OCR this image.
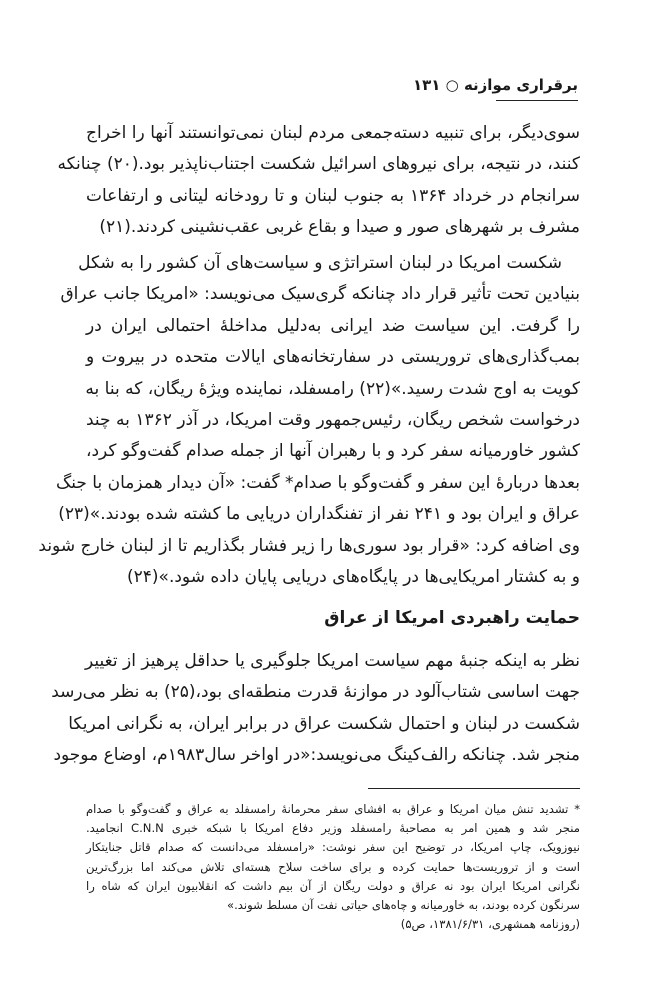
برقراری موازنه ○ ۱۳۱
سوی‌دیگر، برای تنبیه دسته‌جمعی مردم لبنان نمی‌توانستند آنها را اخراج
کنند، در نتیجه، برای نیروهای اسرائیل شکست اجتناب‌ناپذیر بود.(۲۰) چنانکه
سرانجام در خرداد ۱۳۶۴ به جنوب لبنان و تا رودخانه لیتانی و ارتفاعات
مشرف بر شهرهای صور و صیدا و بقاع غربی عقب‌نشینی کردند.(۲۱)
شکست امریکا در لبنان استراتژی و سیاست‌های آن کشور را به شکل
بنیادین تحت تأثیر قرار داد چنانکه گری‌سیک می‌نویسد: «امریکا جانب عراق
را گرفت. این سیاست ضد ایرانی به‌دلیل مداخلهٔ احتمالی ایران در
بمب‌گذاری‌های تروریستی در سفارتخانه‌های ایالات متحده در بیروت و
کویت به اوج شدت رسید.»(۲۲) رامسفلد، نماینده ویژهٔ ریگان، که بنا به
درخواست شخص ریگان، رئیس‌جمهور وقت امریکا، در آذر ۱۳۶۲ به چند
کشور خاورمیانه سفر کرد و با رهبران آنها از جمله صدام گفت‌وگو کرد،
بعدها دربارهٔ این سفر و گفت‌وگو با صدام* گفت: «آن دیدار همزمان با جنگ
عراق و ایران بود و ۲۴۱ نفر از تفنگداران دریایی ما کشته شده بودند.»(۲۳)
وی اضافه کرد: «قرار بود سوری‌ها را زیر فشار بگذاریم تا از لبنان خارج شوند
و به کشتار امریکایی‌ها در پایگاه‌های دریایی پایان داده شود.»(۲۴)
حمایت راهبردی امریکا از عراق
نظر به اینکه جنبهٔ مهم سیاست امریکا جلوگیری یا حداقل پرهیز از تغییر
جهت اساسی شتاب‌آلود در موازنهٔ قدرت منطقه‌ای بود،(۲۵) به نظر می‌رسد
شکست در لبنان و احتمال شکست عراق در برابر ایران، به نگرانی امریکا
منجر شد. چنانکه رالف‌کینگ می‌نویسد:«در اواخر سال۱۹۸۳م، اوضاع موجود
* تشدید تنش میان امریکا و عراق به افشای سفر محرمانهٔ رامسفلد به عراق و گفت‌وگو با صدام
منجر شد و همین امر به مصاحبهٔ رامسفلد وزیر دفاع امریکا با شبکه خبری C.N.N انجامید.
نیوزویک، چاپ امریکا، در توضیح این سفر نوشت: «رامسفلد می‌دانست که صدام قاتل جنایتکار
است و از تروریست‌ها حمایت کرده و برای ساخت سلاح هسته‌ای تلاش می‌کند اما بزرگ‌ترین
نگرانی امریکا ایران بود نه عراق و دولت ریگان از آن بیم داشت که انقلابیون ایران که شاه را
سرنگون کرده بودند، به خاورمیانه و چاه‌های حیاتی نفت آن مسلط شوند.»
(روزنامه همشهری، ۱۳۸۱/۶/۳۱، ص۵)
